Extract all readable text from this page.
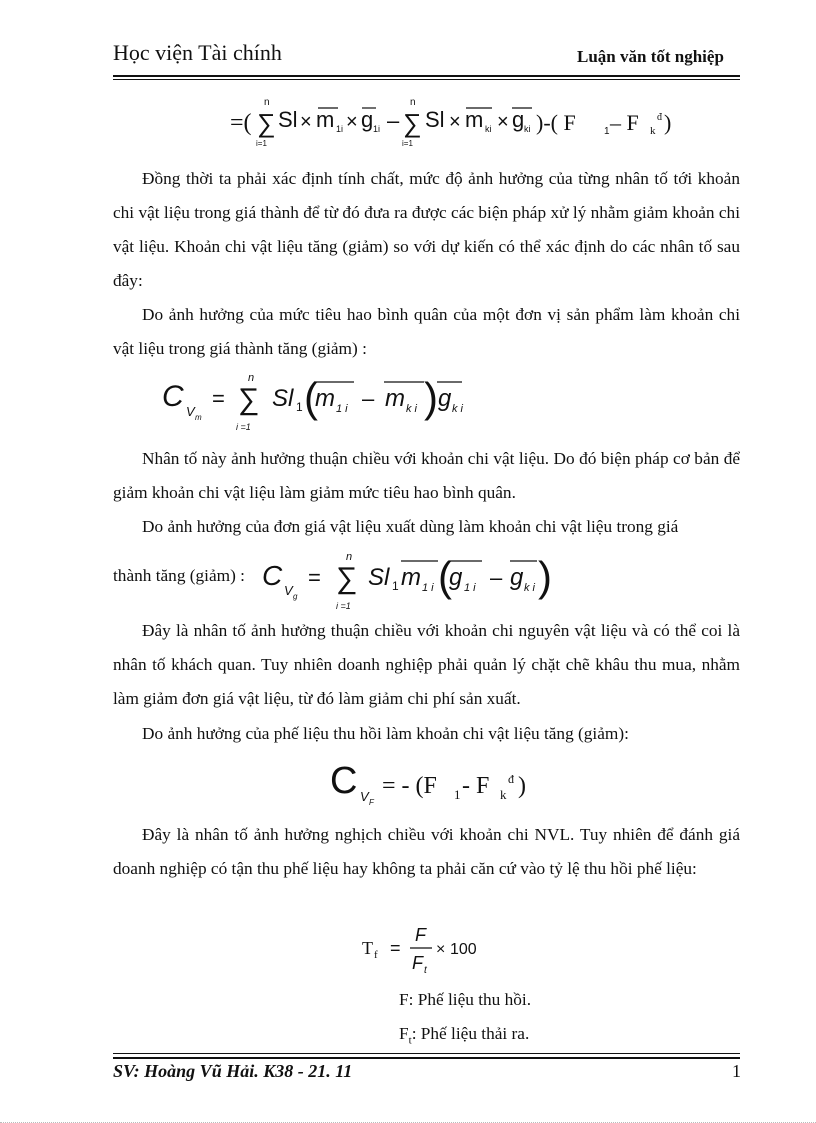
Học viện Tài chính	Luận văn tốt nghiệp
=(
n
∑
i=1
Sl × m 1i × g 1i –
n
∑
i=1
Sl × m ki × g ki )-( F	1 – F k
đ )
Đồng thời ta phải xác định tính chất, mức độ ảnh hưởng của từng nhân tố tới khoản chi vật liệu trong giá thành để từ đó đưa ra được các biện pháp xử lý nhằm giảm khoản chi vật liệu. Khoản chi vật liệu tăng (giảm) so với dự kiến có thể xác định do các nhân tố sau đây:
Do ảnh hưởng của mức tiêu hao bình quân của một đơn vị sản phẩm làm khoản chi vật liệu trong giá thành tăng (giảm) :
C V m
=
n
∑
i =1
Sl 1 (
m 1 i – m k i ) g k i
Nhân tố này ảnh hưởng thuận chiều với khoản chi vật liệu. Do đó biện pháp cơ bản để giảm khoản chi vật liệu làm giảm mức tiêu hao bình quân.
Do ảnh hưởng của đơn giá vật liệu xuất dùng làm khoản chi vật liệu trong giá
thành tăng (giảm) : C V g
=
n
∑
i =1
Sl 1 m 1 i (
g 1 i – g k i )
Đây là nhân tố ảnh hưởng thuận chiều với khoản chi nguyên vật liệu và có thể coi là nhân tố khách quan. Tuy nhiên doanh nghiệp phải quản lý chặt chẽ khâu thu mua, nhằm làm giảm đơn giá vật liệu, từ đó làm giảm chi phí sản xuất.
Do ảnh hưởng của phế liệu thu hồi làm khoản chi vật liệu tăng (giảm):
C V F
= - (F 1 - F k
đ )
Đây là nhân tố ảnh hưởng nghịch chiều với khoản chi NVL. Tuy nhiên để đánh giá doanh nghiệp có tận thu phế liệu hay không ta phải căn cứ vào tỷ lệ thu hồi phế liệu:
T f =
F
F t
× 100
F: Phế liệu thu hồi.
$F_t$: Phế liệu thải ra.
SV: Hoàng Vũ Hải. K38 - 21. 11	1
